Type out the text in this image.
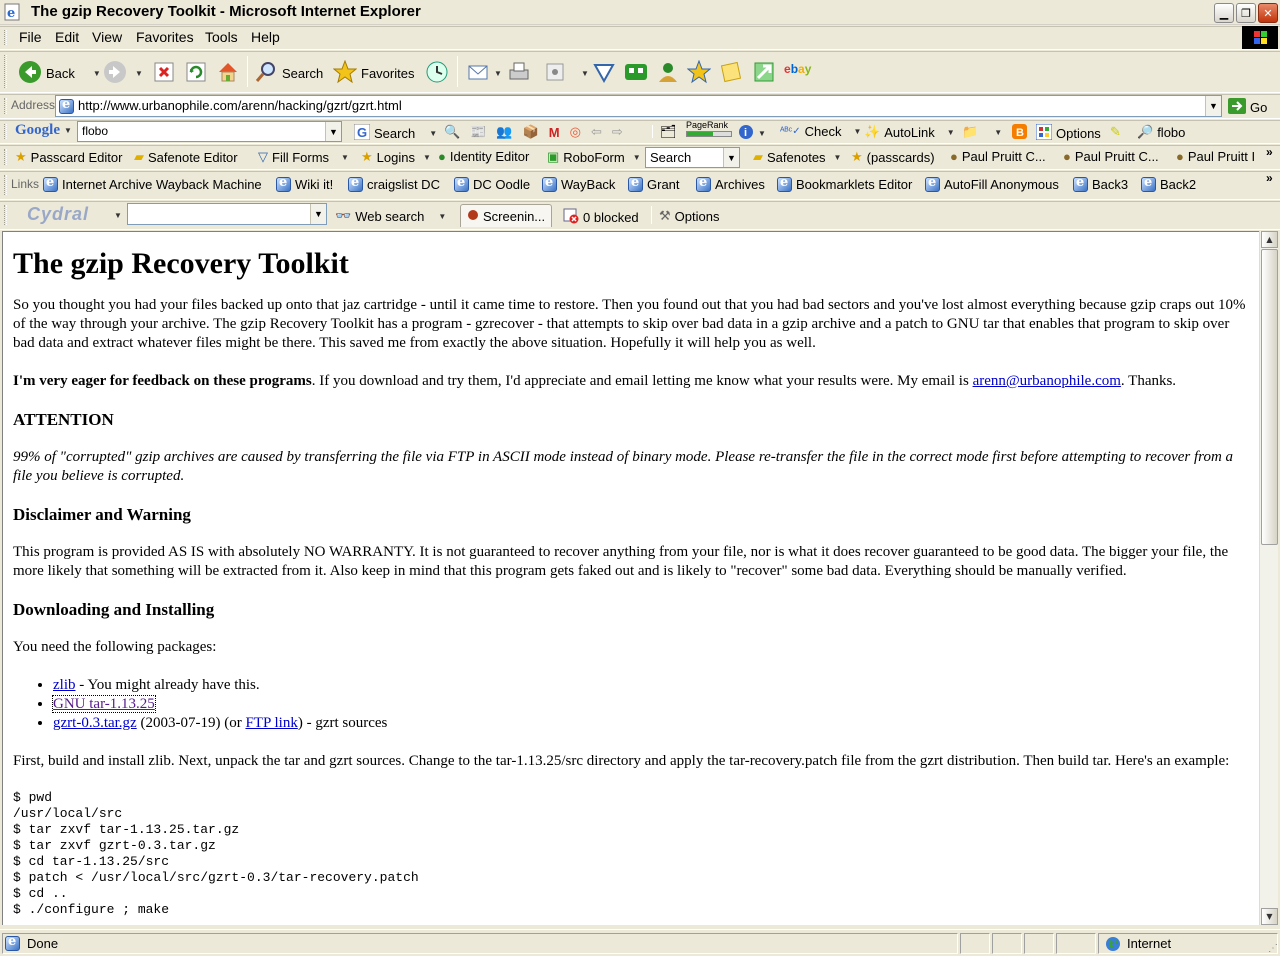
e The gzip Recovery Toolkit - Microsoft Internet Explorer	▁ ❐ ✕
File Edit View Favorites Tools Help
Back ▼	▼	Search	Favorites	▼	▼	ebay
Address e http://www.urbanophile.com/arenn/hacking/gzrt/gzrt.html	▼ Go
Google ▼ flobo	▼ G Search ▼ 🔍 📰 👥 📦 M ◎ ⇦ ⇨	🗂 PageRank
i ▼ ᴬᴮᶜ✓ Check ▼ ✨ AutoLink ▼ 📁 ▼ B Options ✎ 🔎 flobo
★ Passcard Editor ▰ Safenote Editor ▽ Fill Forms ▼ ★ Logins ▼ ● Identity Editor ▣ RoboForm ▼ Search	▼ ▰ Safenotes ▼ ★ (passcards) ● Paul Pruitt C... ● Paul Pruitt C... ● Paul Pruitt I »
Links e Internet Archive Wayback Machine e	Wiki it! e	craigslist DC e	DC Oodle e WayBack e Grant e	Archives e Bookmarklets Editor e AutoFill Anonymous e	Back3 e Back2	»
Cydral	▼	▼ 👓 Web search ▼	Screenin...	0 blocked ⚒ Options
The gzip Recovery Toolkit

So you thought you had your files backed up onto that jaz cartridge - until it came time to restore. Then you found out that you had bad sectors and you've lost almost everything because gzip craps out 10% of the way through your archive. The gzip Recovery Toolkit has a program - gzrecover - that attempts to skip over bad data in a gzip archive and a patch to GNU tar that enables that program to skip over bad data and extract whatever files might be there. This saved me from exactly the above situation. Hopefully it will help you as well.

I'm very eager for feedback on these programs. If you download and try them, I'd appreciate and email letting me know what your results were. My email is arenn@urbanophile.com. Thanks.

ATTENTION

99% of "corrupted" gzip archives are caused by transferring the file via FTP in ASCII mode instead of binary mode. Please re-transfer the file in the correct mode first before attempting to recover from a file you believe is corrupted.

Disclaimer and Warning

This program is provided AS IS with absolutely NO WARRANTY. It is not guaranteed to recover anything from your file, nor is what it does recover guaranteed to be good data. The bigger your file, the more likely that something will be extracted from it. Also keep in mind that this program gets faked out and is likely to "recover" some bad data. Everything should be manually verified.

Downloading and Installing

You need the following packages:

• zlib - You might already have this.
• GNU tar-1.13.25
• gzrt-0.3.tar.gz (2003-07-19) (or FTP link) - gzrt sources

First, build and install zlib. Next, unpack the tar and gzrt sources. Change to the tar-1.13.25/src directory and apply the tar-recovery.patch file from the gzrt distribution. Then build tar. Here's an example:

$ pwd
/usr/local/src
$ tar zxvf tar-1.13.25.tar.gz
$ tar zxvf gzrt-0.3.tar.gz
$ cd tar-1.13.25/src
$ patch < /usr/local/src/gzrt-0.3/tar-recovery.patch
$ cd ..
$ ./configure ; make
▲
▼
e
Done	Internet	⋰
